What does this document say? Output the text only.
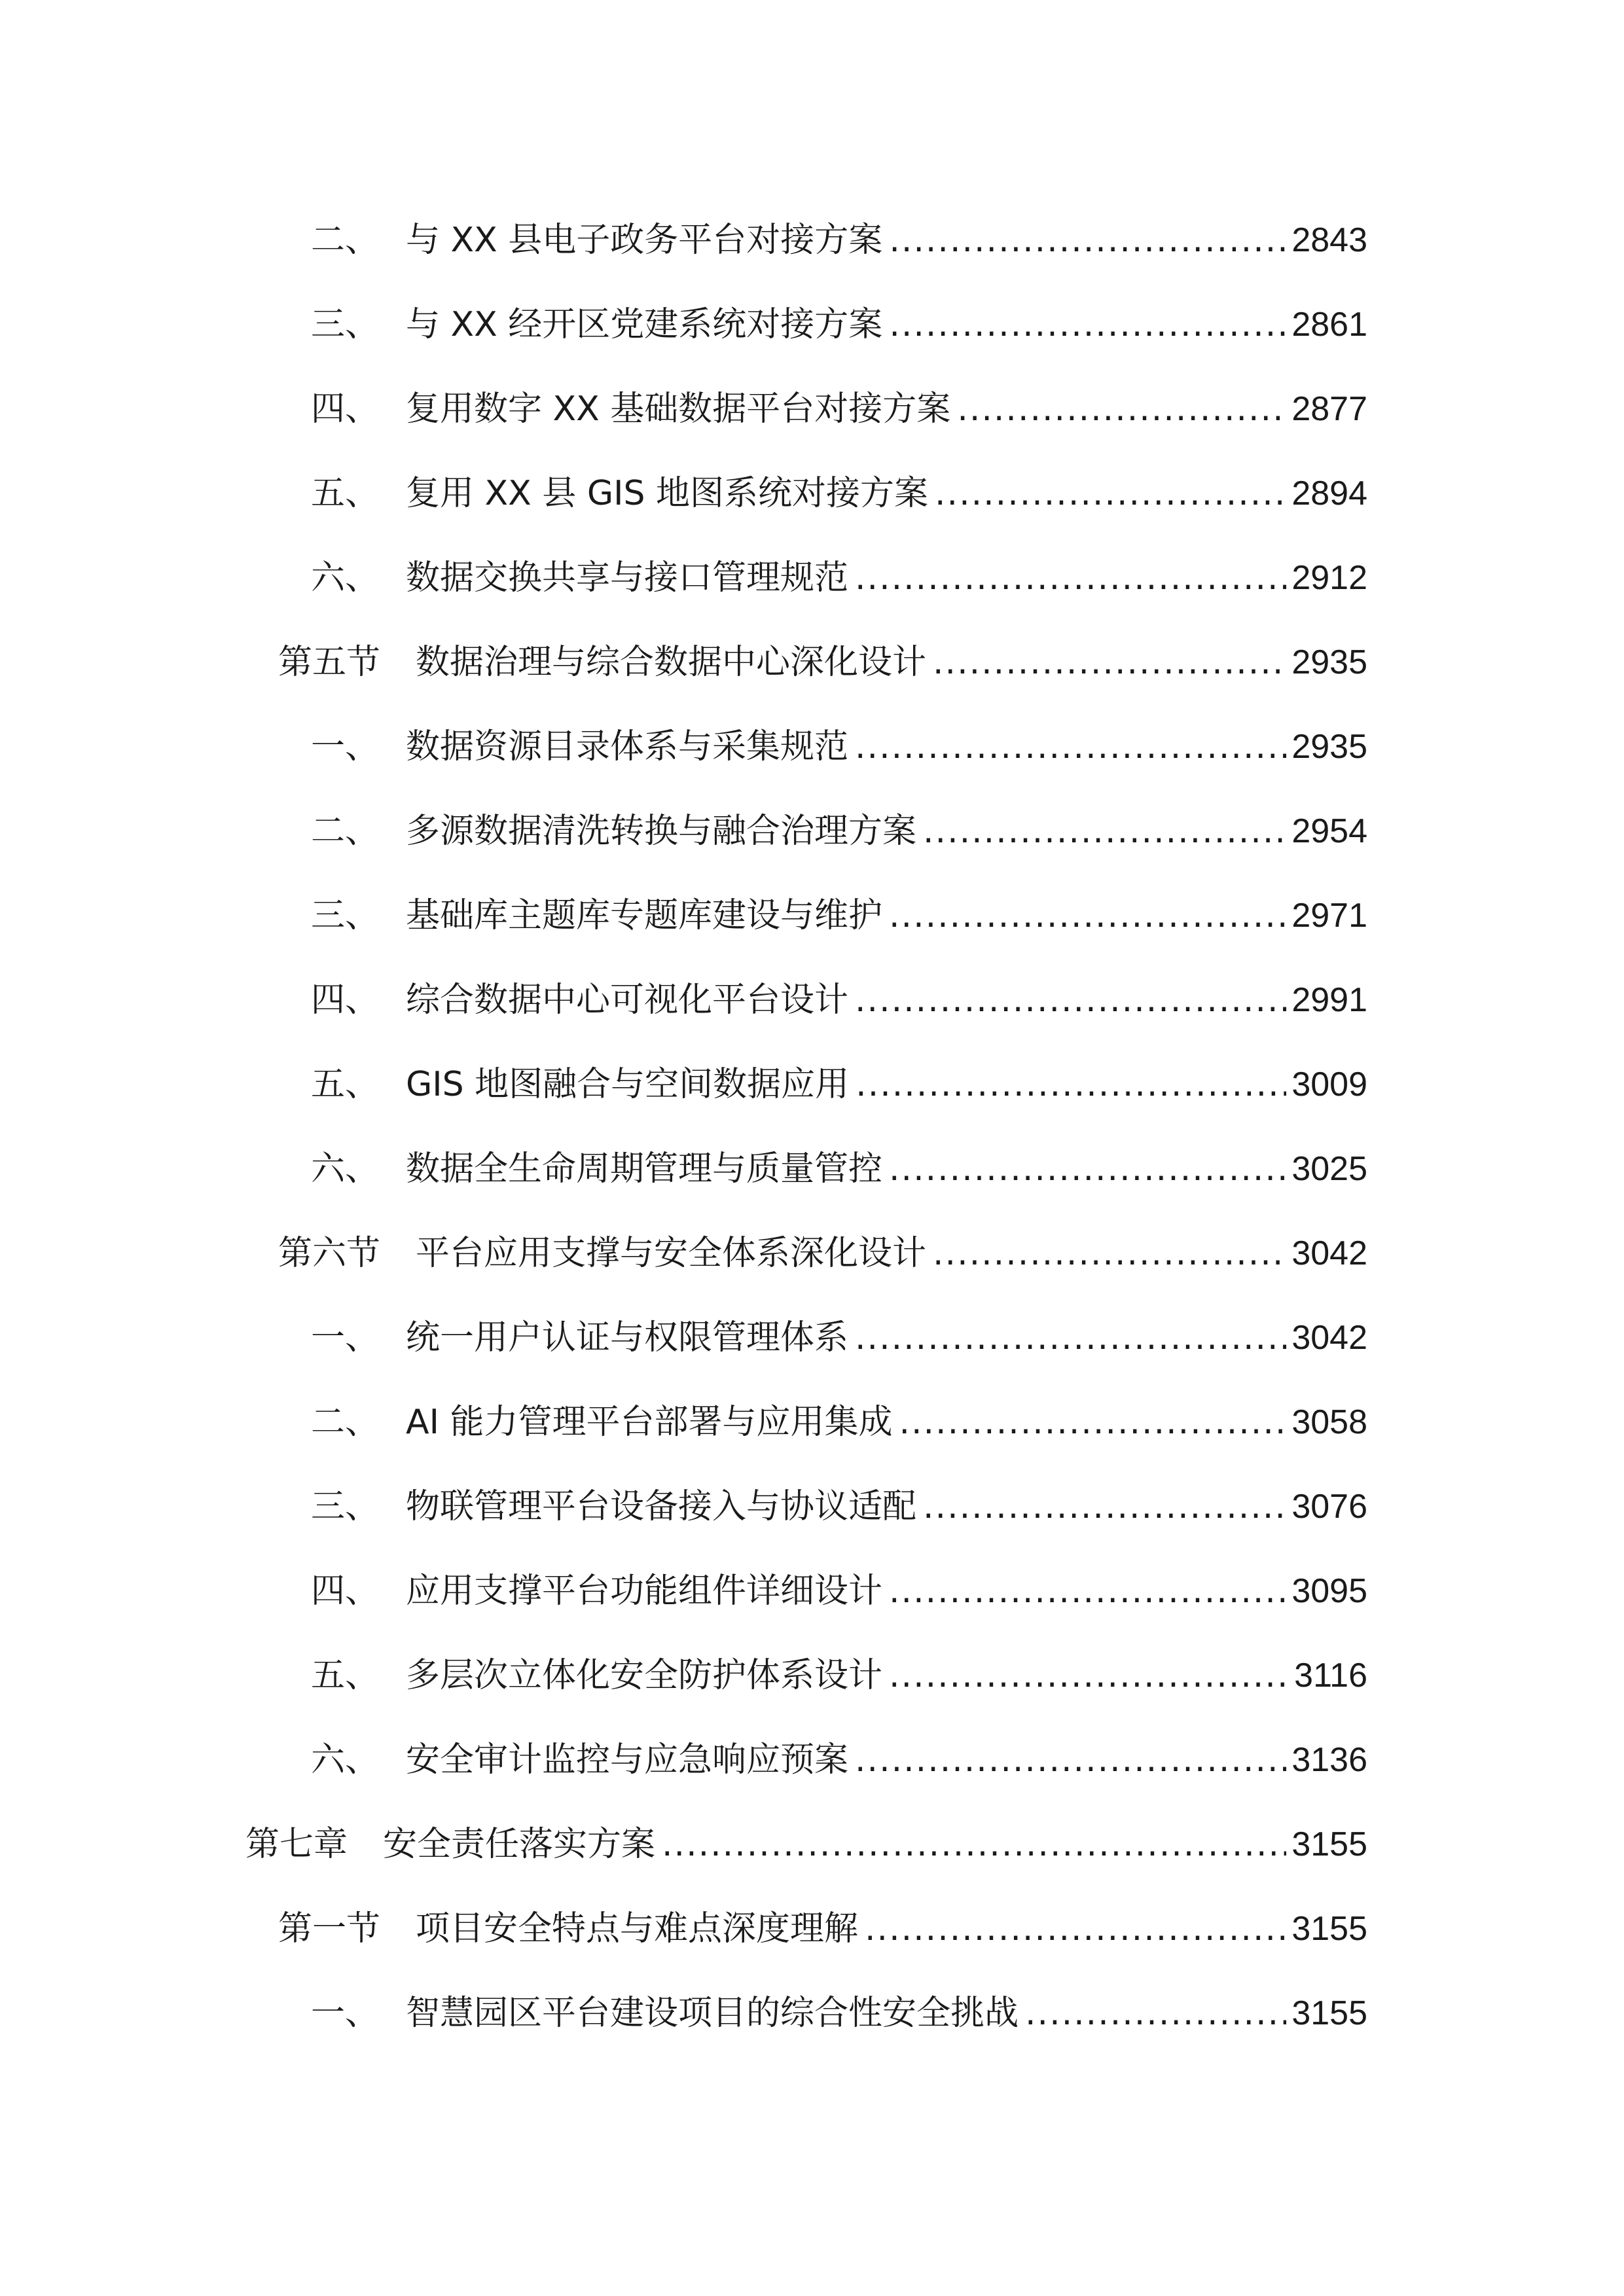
二、 与 XX 县电子政务平台对接方案 .....	2843
三、 与 XX 经开区党建系统对接方案 .....	2861
四、 复用数字 XX 基础数据平台对接方案 .....	2877
五、 复用 XX 县 GIS 地图系统对接方案 .....	2894
六、 数据交换共享与接口管理规范 .....	2912
第五节	数据治理与综合数据中心深化设计 .....	2935
一、 数据资源目录体系与采集规范 .....	2935
二、 多源数据清洗转换与融合治理方案 .....	2954
三、 基础库主题库专题库建设与维护 .....	2971
四、 综合数据中心可视化平台设计 .....	2991
五、 GIS 地图融合与空间数据应用 .....	3009
六、 数据全生命周期管理与质量管控 .....	3025
第六节	平台应用支撑与安全体系深化设计 .....	3042
一、 统一用户认证与权限管理体系 .....	3042
二、 AI 能力管理平台部署与应用集成 .....	3058
三、 物联管理平台设备接入与协议适配 .....	3076
四、 应用支撑平台功能组件详细设计 .....	3095
五、 多层次立体化安全防护体系设计 .....	3116
六、 安全审计监控与应急响应预案 .....	3136
第七章	安全责任落实方案 .....	3155
第一节	项目安全特点与难点深度理解 .....	3155
一、 智慧园区平台建设项目的综合性安全挑战 .....	3155
